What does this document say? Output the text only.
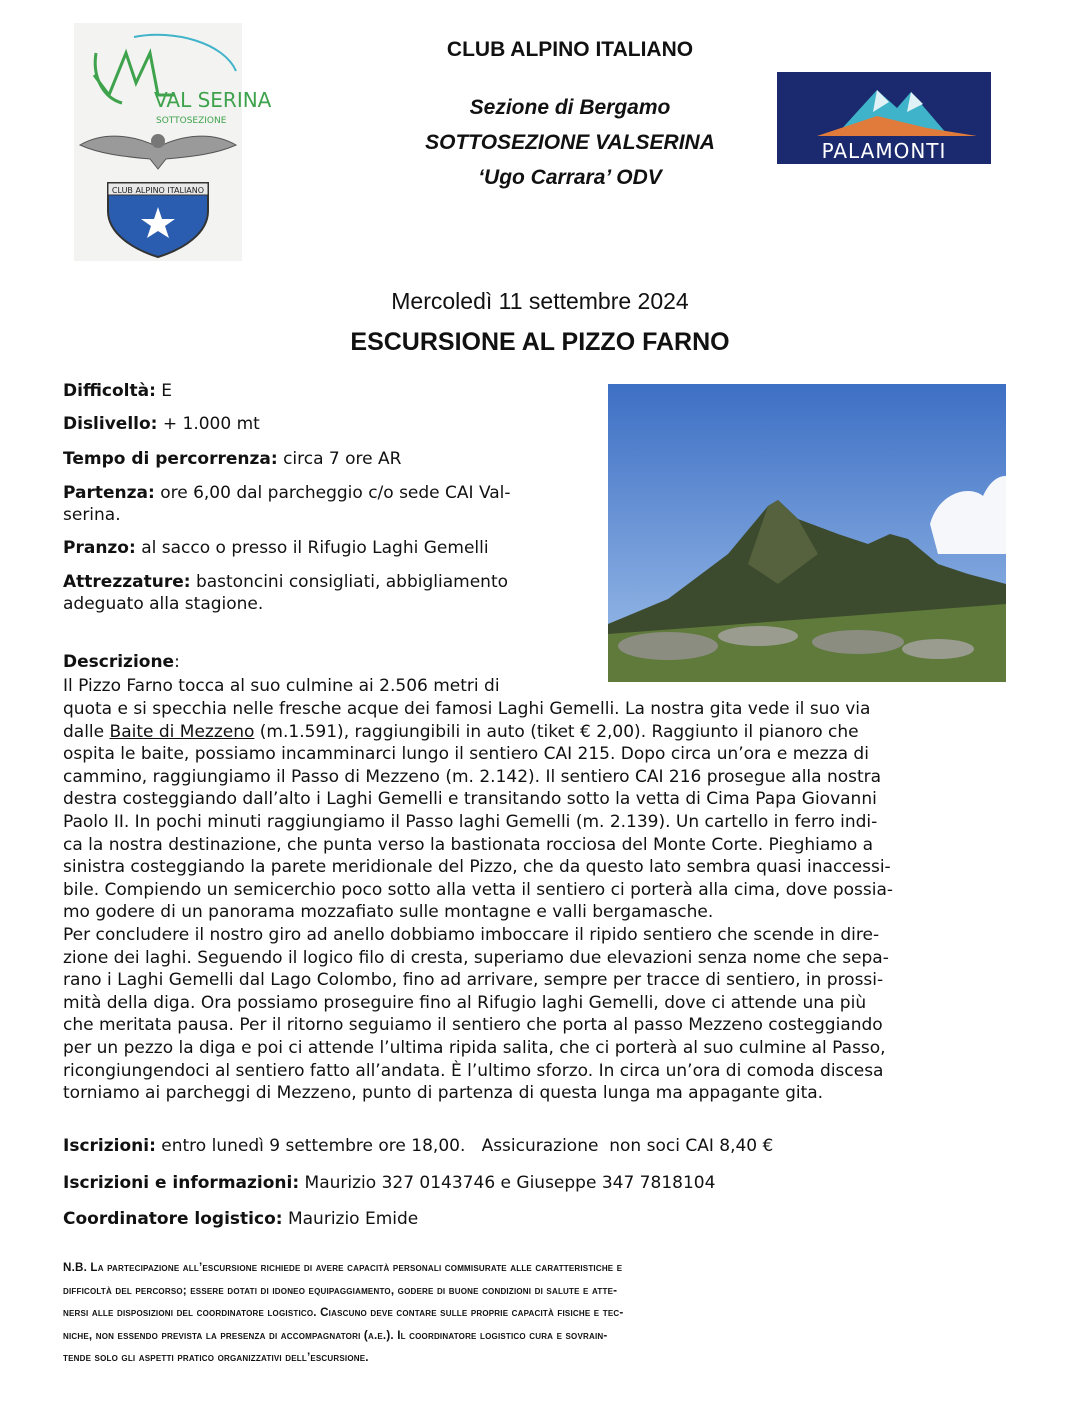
VAL SERINA
SOTTOSEZIONE
CLUB ALPINO ITALIANO
CLUB ALPINO ITALIANO
Sezione di Bergamo
SOTTOSEZIONE VALSERINA
‘Ugo Carrara’ ODV
PALAMONTI
Mercoledì 11 settembre 2024
ESCURSIONE AL PIZZO FARNO
Difficoltà: E
Dislivello: + 1.000 mt
Tempo di percorrenza: circa 7 ore AR
Partenza: ore 6,00 dal parcheggio c/o sede CAI Val-
serina.
Pranzo: al sacco o presso il Rifugio Laghi Gemelli
Attrezzature: bastoncini consigliati, abbigliamento
adeguato alla stagione.
Descrizione:
Il Pizzo Farno tocca al suo culmine ai 2.506 metri di
quota e si specchia nelle fresche acque dei famosi Laghi Gemelli. La nostra gita vede il suo via
dalle Baite di Mezzeno (m.1.591), raggiungibili in auto (tiket € 2,00). Raggiunto il pianoro che
ospita le baite, possiamo incamminarci lungo il sentiero CAI 215. Dopo circa un’ora e mezza di
cammino, raggiungiamo il Passo di Mezzeno (m. 2.142). Il sentiero CAI 216 prosegue alla nostra
destra costeggiando dall’alto i Laghi Gemelli e transitando sotto la vetta di Cima Papa Giovanni
Paolo II. In pochi minuti raggiungiamo il Passo laghi Gemelli (m. 2.139). Un cartello in ferro indi-
ca la nostra destinazione, che punta verso la bastionata rocciosa del Monte Corte. Pieghiamo a
sinistra costeggiando la parete meridionale del Pizzo, che da questo lato sembra quasi inaccessi-
bile. Compiendo un semicerchio poco sotto alla vetta il sentiero ci porterà alla cima, dove possia-
mo godere di un panorama mozzafiato sulle montagne e valli bergamasche.
Per concludere il nostro giro ad anello dobbiamo imboccare il ripido sentiero che scende in dire-
zione dei laghi. Seguendo il logico filo di cresta, superiamo due elevazioni senza nome che sepa-
rano i Laghi Gemelli dal Lago Colombo, fino ad arrivare, sempre per tracce di sentiero, in prossi-
mità della diga. Ora possiamo proseguire fino al Rifugio laghi Gemelli, dove ci attende una più
che meritata pausa. Per il ritorno seguiamo il sentiero che porta al passo Mezzeno costeggiando
per un pezzo la diga e poi ci attende l’ultima ripida salita, che ci porterà al suo culmine al Passo,
ricongiungendoci al sentiero fatto all’andata. È l’ultimo sforzo. In circa un’ora di comoda discesa
torniamo ai parcheggi di Mezzeno, punto di partenza di questa lunga ma appagante gita.
Iscrizioni: entro lunedì 9 settembre ore 18,00.   Assicurazione  non soci CAI 8,40 €
Iscrizioni e informazioni: Maurizio 327 0143746 e Giuseppe 347 7818104
Coordinatore logistico: Maurizio Emide
N.B. La partecipazione all’escursione richiede di avere capacità personali commisurate alle caratteristiche e
difficoltà del percorso; essere dotati di idoneo equipaggiamento, godere di buone condizioni di salute e atte-
nersi alle disposizioni del coordinatore logistico. Ciascuno deve contare sulle proprie capacità fisiche e tec-
niche, non essendo prevista la presenza di accompagnatori (a.e.). Il coordinatore logistico cura e sovrain-
tende solo gli aspetti pratico organizzativi dell’escursione.
